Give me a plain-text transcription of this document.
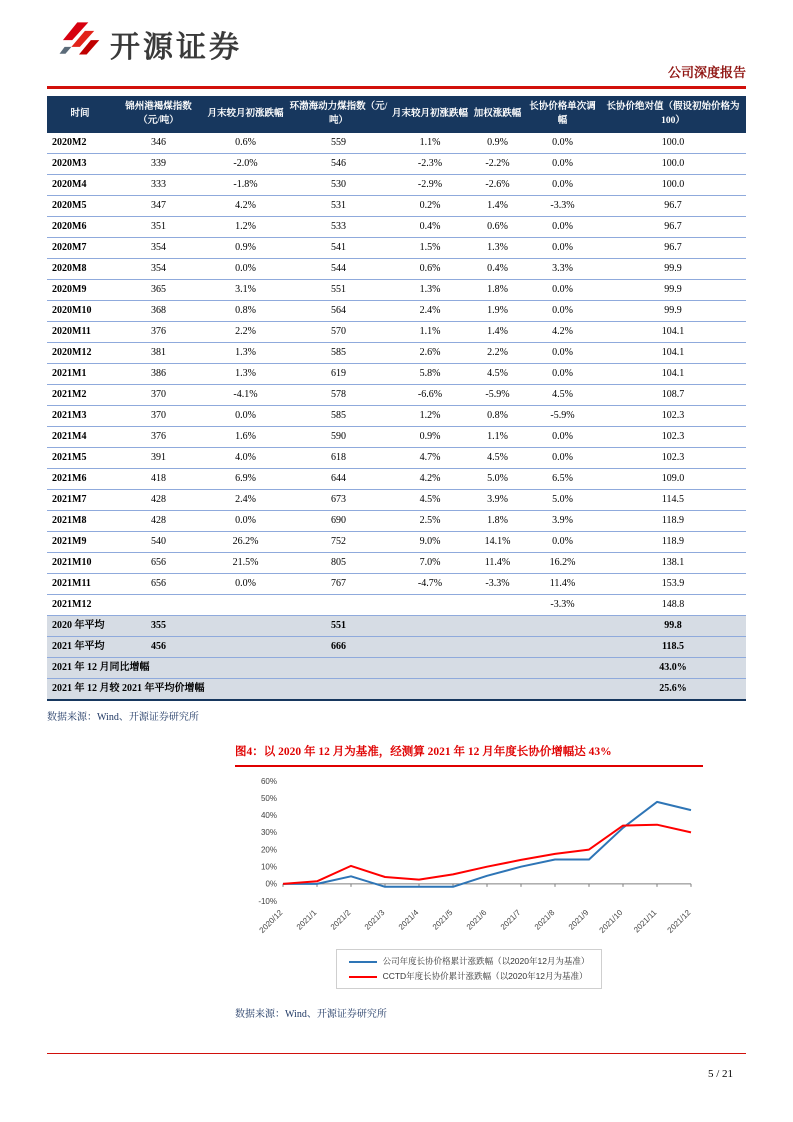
开源证券
公司深度报告
时间	锦州港褐煤指数（元/吨）	月末较月初涨跌幅	环渤海动力煤指数（元/吨）	月末较月初涨跌幅	加权涨跌幅	长协价格单次调幅	长协价绝对值（假设初始价格为 100）
2020M2	346	0.6%	559	1.1%	0.9%	0.0%	100.0
2020M3	339	-2.0%	546	-2.3%	-2.2%	0.0%	100.0
2020M4	333	-1.8%	530	-2.9%	-2.6%	0.0%	100.0
2020M5	347	4.2%	531	0.2%	1.4%	-3.3%	96.7
2020M6	351	1.2%	533	0.4%	0.6%	0.0%	96.7
2020M7	354	0.9%	541	1.5%	1.3%	0.0%	96.7
2020M8	354	0.0%	544	0.6%	0.4%	3.3%	99.9
2020M9	365	3.1%	551	1.3%	1.8%	0.0%	99.9
2020M10	368	0.8%	564	2.4%	1.9%	0.0%	99.9
2020M11	376	2.2%	570	1.1%	1.4%	4.2%	104.1
2020M12	381	1.3%	585	2.6%	2.2%	0.0%	104.1
2021M1	386	1.3%	619	5.8%	4.5%	0.0%	104.1
2021M2	370	-4.1%	578	-6.6%	-5.9%	4.5%	108.7
2021M3	370	0.0%	585	1.2%	0.8%	-5.9%	102.3
2021M4	376	1.6%	590	0.9%	1.1%	0.0%	102.3
2021M5	391	4.0%	618	4.7%	4.5%	0.0%	102.3
2021M6	418	6.9%	644	4.2%	5.0%	6.5%	109.0
2021M7	428	2.4%	673	4.5%	3.9%	5.0%	114.5
2021M8	428	0.0%	690	2.5%	1.8%	3.9%	118.9
2021M9	540	26.2%	752	9.0%	14.1%	0.0%	118.9
2021M10	656	21.5%	805	7.0%	11.4%	16.2%	138.1
2021M11	656	0.0%	767	-4.7%	-3.3%	11.4%	153.9
2021M12						-3.3%	148.8
2020 年平均	355		551				99.8
2021 年平均	456		666				118.5
2021 年 12 月同比增幅							43.0%
2021 年 12 月较 2021 年平均价增幅							25.6%
数据来源：Wind、开源证券研究所
图4：以 2020 年 12 月为基准，经测算 2021 年 12 月年度长协价增幅达 43%
60%
50%
40%
30%
20%
10%
0%
-10%
2020/12 2021/1 2021/2 2021/3 2021/4 2021/5 2021/6 2021/7 2021/8 2021/9 2021/10 2021/11 2021/12
公司年度长协价格累计涨跌幅（以2020年12月为基准）
CCTD年度长协价累计涨跌幅（以2020年12月为基准）
数据来源：Wind、开源证券研究所
5 / 21
